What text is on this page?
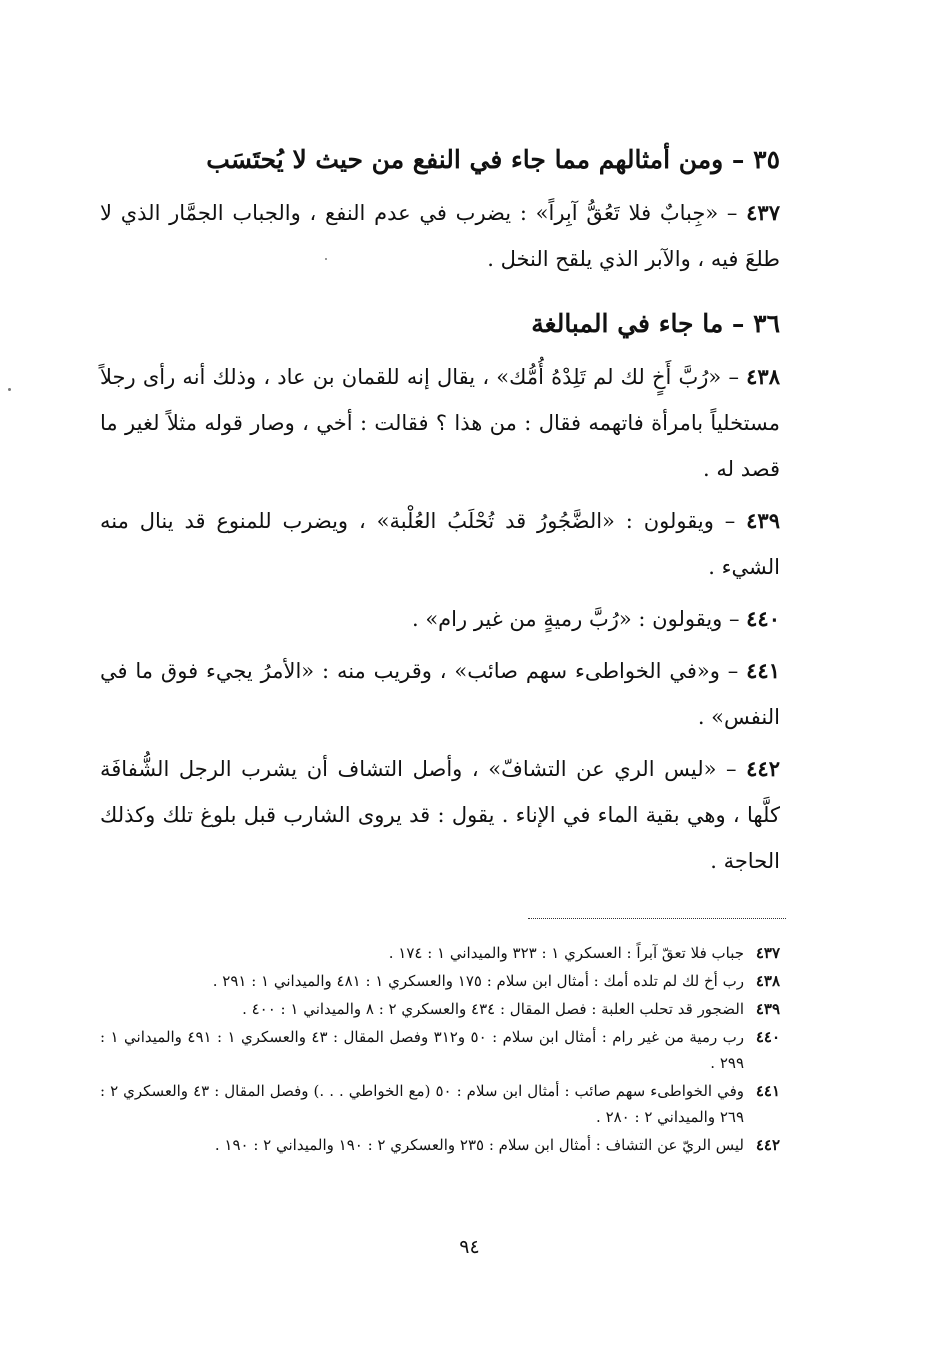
٣٥ – ومن أمثالهم مما جاء في النفع من حيث لا يُحتَسَب

٤٣٧ – «جِبابٌ فلا تَعُقُّ آبِراً» : يضرب في عدم النفع ، والجباب الجمَّار الذي لا طلعَ فيه ، والآبر الذي يلقح النخل .

٣٦ – ما جاء في المبالغة

٤٣٨ – «رُبَّ أَخٍ لك لم تَلِدْهُ أُمُّك» ، يقال إنه للقمان بن عاد ، وذلك أنه رأى رجلاً مستخلياً بامرأة فاتهمه فقال : من هذا ؟ فقالت : أخي ، وصار قوله مثلاً لغير ما قصد له .

٤٣٩ – ويقولون : «الضَّجُورُ قد تُحْلَبُ العُلْبة» ، ويضرب للمنوع قد ينال منه الشيء .

٤٤٠ – ويقولون : «رُبَّ رميةٍ من غير رام» .

٤٤١ – و«في الخواطىء سهم صائب» ، وقريب منه : «الأمرُ يجيء فوق ما في النفس» .

٤٤٢ – «ليس الري عن التشافّ» ، وأصل التشاف أن يشرب الرجل الشُّفافَة كلَّها ، وهي بقية الماء في الإناء . يقول : قد يروى الشارب قبل بلوغ تلك وكذلك الحاجة .

٤٣٧
جباب فلا تعقّ آبراً : العسكري ١ : ٣٢٣ والميداني ١ : ١٧٤ .
٤٣٨
رب أخ لك لم تلده أمك : أمثال ابن سلام : ١٧٥ والعسكري ١ : ٤٨١ والميداني ١ : ٢٩١ .
٤٣٩
الضجور قد تحلب العلبة : فصل المقال : ٤٣٤ والعسكري ٢ : ٨ والميداني ١ : ٤٠٠ .
٤٤٠
رب رمية من غير رام : أمثال ابن سلام : ٥٠ و٣١٢ وفصل المقال : ٤٣ والعسكري ١ : ٤٩١ والميداني ١ : ٢٩٩ .
٤٤١
وفي الخواطىء سهم صائب : أمثال ابن سلام : ٥٠ (مع الخواطي . . .) وفصل المقال : ٤٣ والعسكري ٢ : ٢٦٩ والميداني ٢ : ٢٨٠ .
٤٤٢
ليس الريّ عن التشاف : أمثال ابن سلام : ٢٣٥ والعسكري ٢ : ١٩٠ والميداني ٢ : ١٩٠ .
٩٤
